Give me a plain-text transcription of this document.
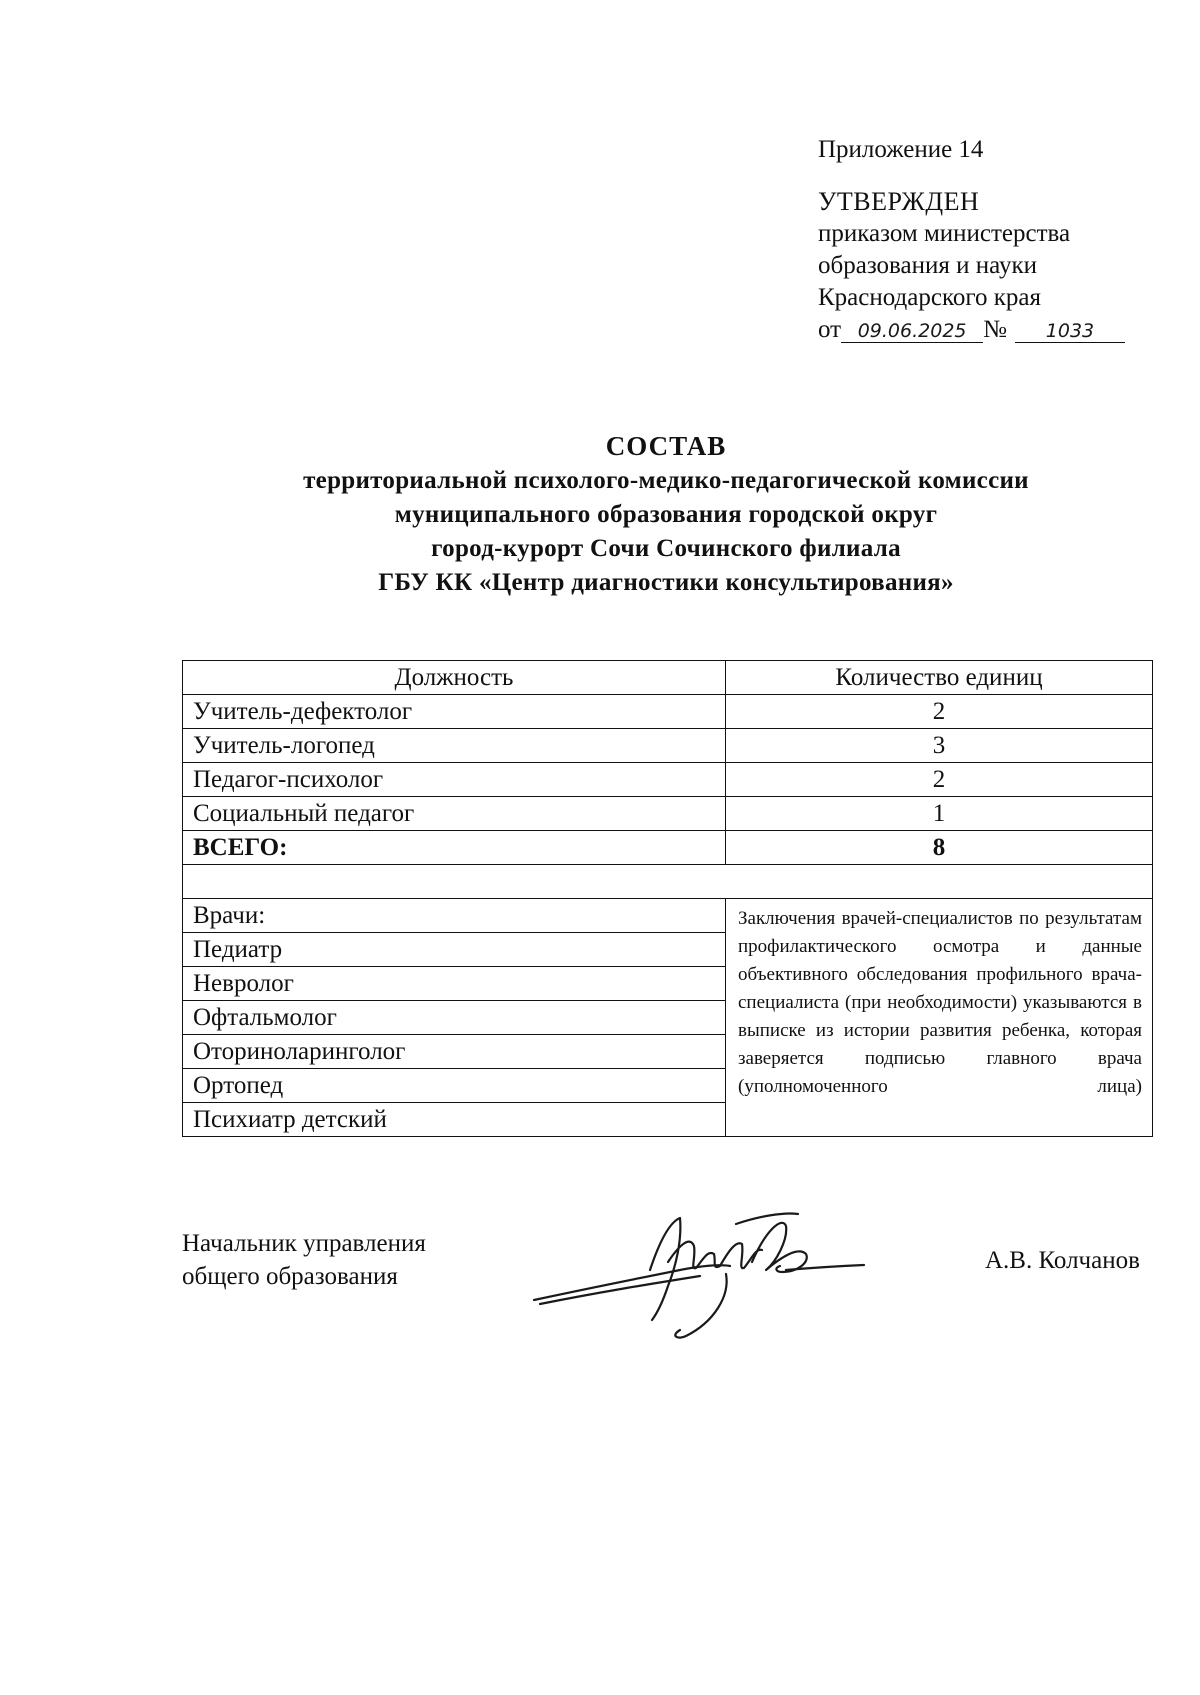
Приложение 14
УТВЕРЖДЕН
приказом министерства
образования и науки
Краснодарского края
от 09.06.2025 № 1033
СОСТАВ
территориальной психолого-медико-педагогической комиссии
муниципального образования городской округ
город-курорт Сочи Сочинского филиала
ГБУ КК «Центр диагностики консультирования»
Должность	Количество единиц
Учитель-дефектолог	2
Учитель-логопед	3
Педагог-психолог	2
Социальный педагог	1
ВСЕГО:	8

Врачи:	Заключения врачей-специалистов по результатам профилактического осмотра и данные объективного обследования профильного врача-специалиста (при необходимости) указываются в выписке из истории развития ребенка, которая заверяется подписью главного врача (уполномоченного лица)

Педиатр	
Невролог	
Офтальмолог	
Оториноларинголог	
Ортопед	
Психиатр детский	
Начальник управления
общего образования
А.В. Колчанов
